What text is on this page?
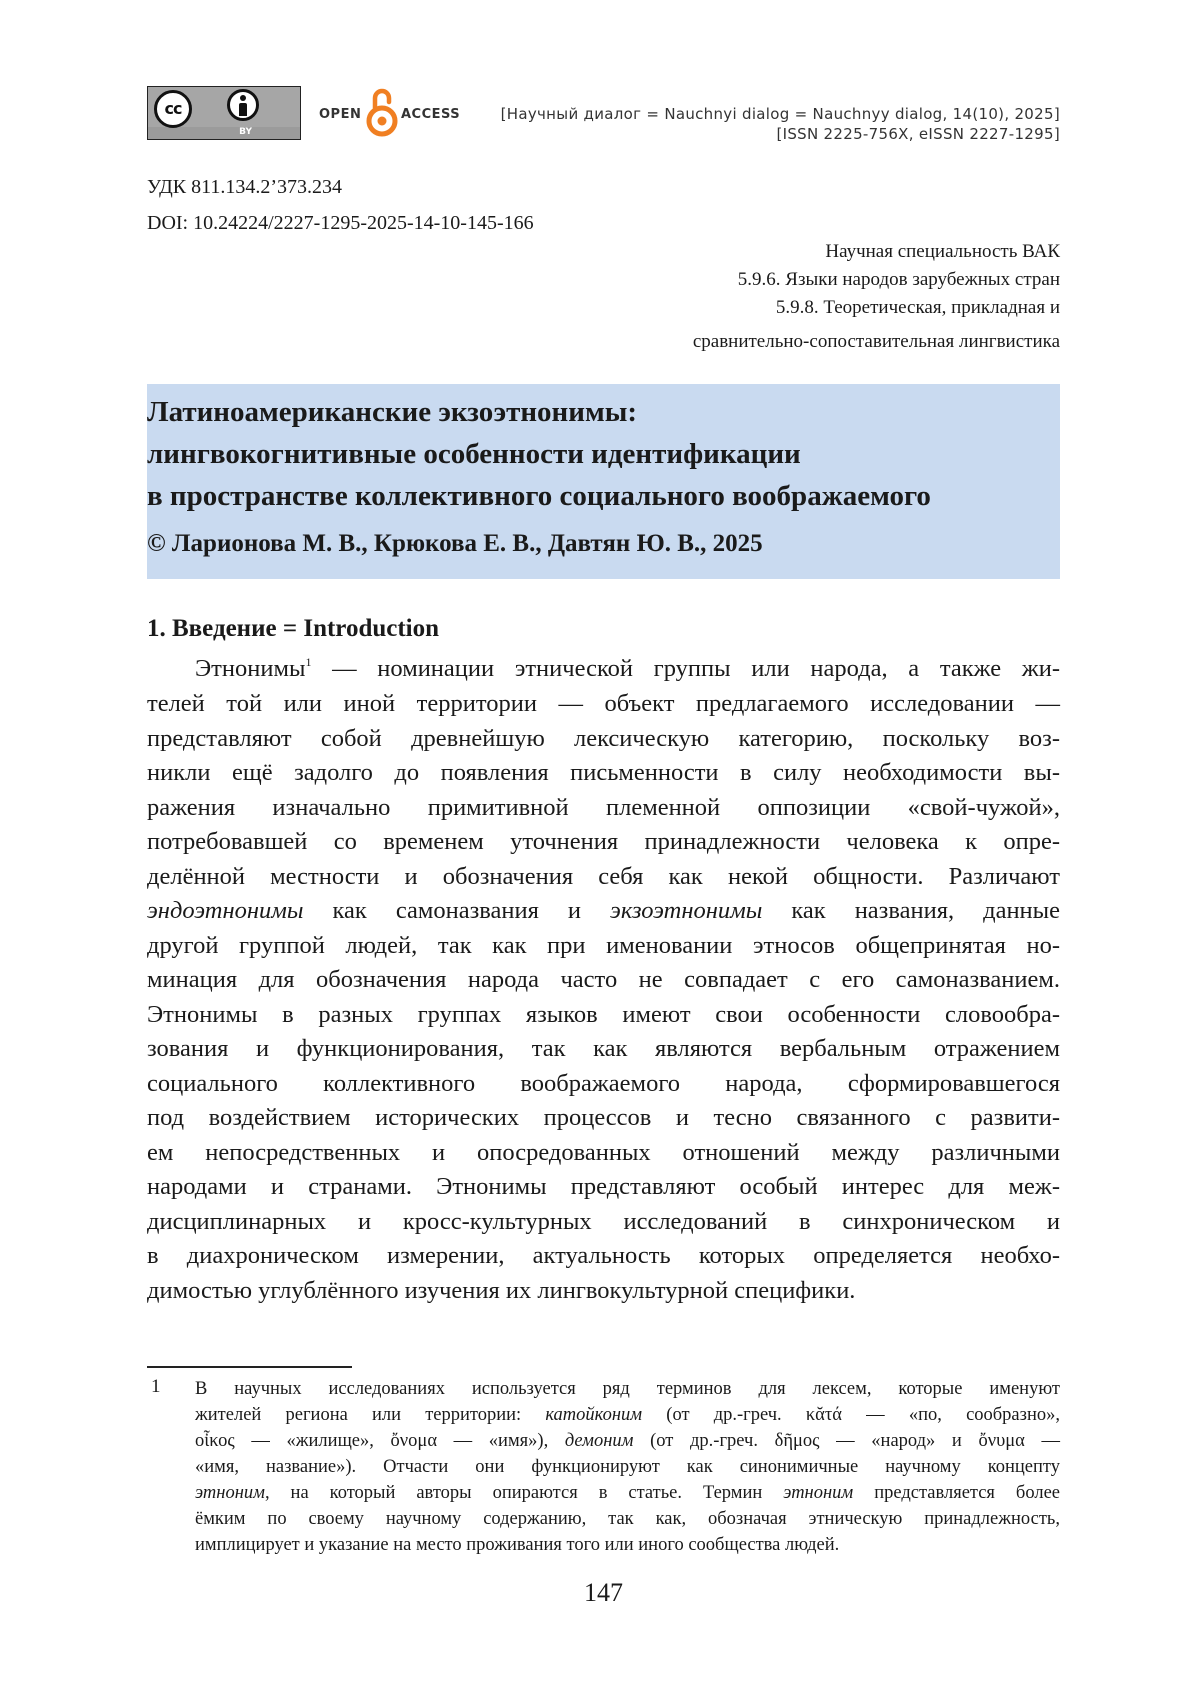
cc
BY
OPEN	ACCESS	[Научный диалог = Nauchnyi dialog = Nauchnyy dialog, 14(10), 2025]
[ISSN 2225-756X, eISSN 2227-1295]
УДК 811.134.2’373.234
DOI: 10.24224/2227-1295-2025-14-10-145-166
Научная специальность ВАК
5.9.6. Языки народов зарубежных стран
5.9.8. Теоретическая, прикладная и
сравнительно-сопоставительная лингвистика
Латиноамериканские экзоэтнонимы:
лингвокогнитивные особенности идентификации
в пространстве коллективного социального воображаемого
© Ларионова М. В., Крюкова Е. В., Давтян Ю. В., 2025
1. Введение = Introduction
Этнонимы$^1$ — номинации этнической группы или народа, а также жи-
телей той или иной территории — объект предлагаемого исследовании —
представляют собой древнейшую лексическую категорию, поскольку воз-
никли ещё задолго до появления письменности в силу необходимости вы-
ражения изначально примитивной племенной оппозиции «свой-чужой»,
потребовавшей со временем уточнения принадлежности человека к опре-
делённой местности и обозначения себя как некой общности. Различают
эндоэтнонимы как самоназвания и экзоэтнонимы как названия, данные
другой группой людей, так как при именовании этносов общепринятая но-
минация для обозначения народа часто не совпадает с его самоназванием.
Этнонимы в разных группах языков имеют свои особенности словообра-
зования и функционирования, так как являются вербальным отражением
социального коллективного воображаемого народа, сформировавшегося
под воздействием исторических процессов и тесно связанного с развити-
ем непосредственных и опосредованных отношений между различными
народами и странами. Этнонимы представляют особый интерес для меж-
дисциплинарных и кросс-культурных исследований в синхроническом и
в диахроническом измерении, актуальность которых определяется необхо-
димостью углублённого изучения их лингвокультурной специфики.
1 В научных исследованиях используется ряд терминов для лексем, которые именуют
жителей региона или территории: катойконим (от др.-греч. κᾰτά — «по, сообразно»,
οἶκος — «жилище», ὄνομα — «имя»), демоним (от др.-греч. δῆμος — «народ» и ὄνυμα —
«имя, название»). Отчасти они функционируют как синонимичные научному концепту
этноним, на который авторы опираются в статье. Термин этноним представляется более
ёмким по своему научному содержанию, так как, обозначая этническую принадлежность,
имплицирует и указание на место проживания того или иного сообщества людей.
147
